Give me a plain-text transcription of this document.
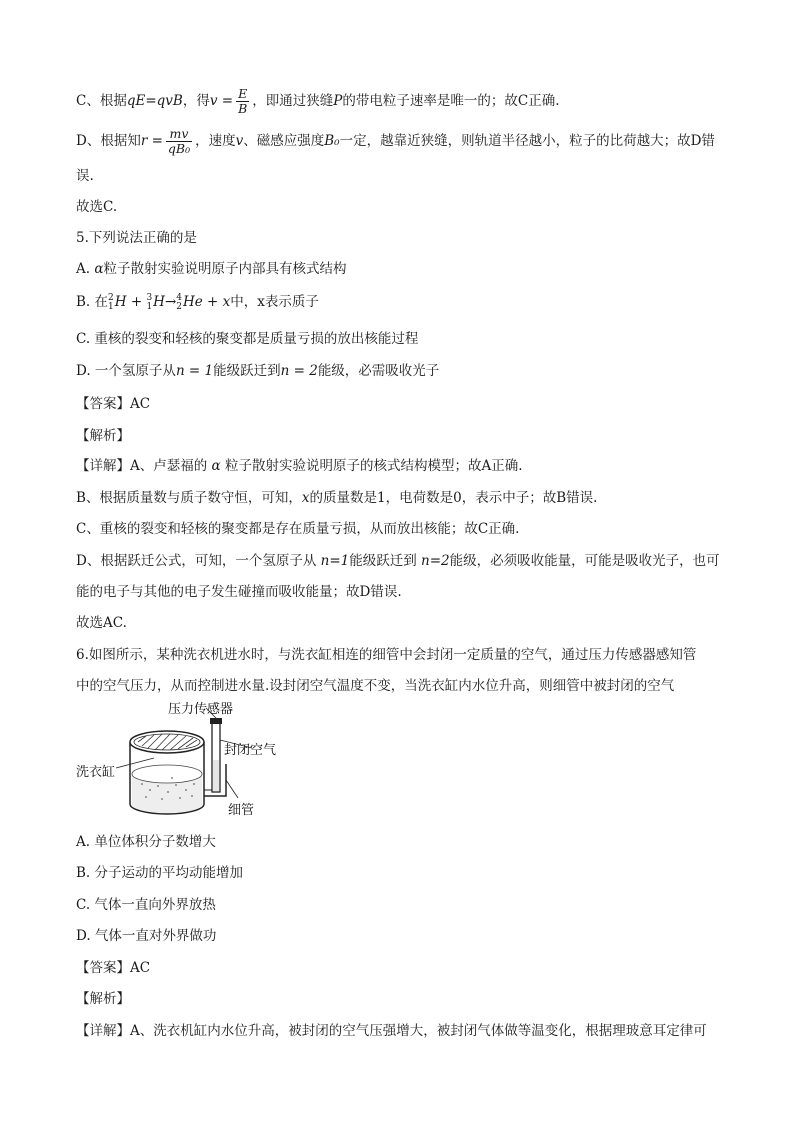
C、根据qE=qvB，得$v = \frac{E}{B}$ ，即通过狭缝P的带电粒子速率是唯一的；故C正确.
D、根据知$r = \frac{mv}{\text{qB₀}}$ ，速度v、磁感应强度B₀一定，越靠近狭缝，则轨道半径越小，粒子的比荷越大；故D错
误.
故选C.
5.下列说法正确的是
A. α粒子散射实验说明原子内部具有核式结构
B. 在 2
1 H + 3
1 H→ 4
2 He + x中，x表示质子
C. 重核的裂变和轻核的聚变都是质量亏损的放出核能过程
D. 一个氢原子从n = 1能级跃迁到n = 2能级，必需吸收光子
【答案】AC
【解析】
【详解】A、卢瑟福的 α 粒子散射实验说明原子的核式结构模型；故A正确.
B、根据质量数与质子数守恒，可知，x的质量数是1，电荷数是0，表示中子；故B错误.
C、重核的裂变和轻核的聚变都是存在质量亏损，从而放出核能；故C正确.
D、根据跃迁公式，可知，一个氢原子从 n=1能级跃迁到 n=2能级，必须吸收能量，可能是吸收光子，也可
能的电子与其他的电子发生碰撞而吸收能量；故D错误.
故选AC.
6.如图所示，某种洗衣机进水时，与洗衣缸相连的细管中会封闭一定质量的空气，通过压力传感器感知管
中的空气压力，从而控制进水量.设封闭空气温度不变，当洗衣缸内水位升高，则细管中被封闭的空气
压力传感器
洗衣缸
封闭空气
细管
A. 单位体积分子数增大
B. 分子运动的平均动能增加
C. 气体一直向外界放热
D. 气体一直对外界做功
【答案】AC
【解析】
【详解】A、洗衣机缸内水位升高，被封闭的空气压强增大，被封闭气体做等温变化，根据理玻意耳定律可
